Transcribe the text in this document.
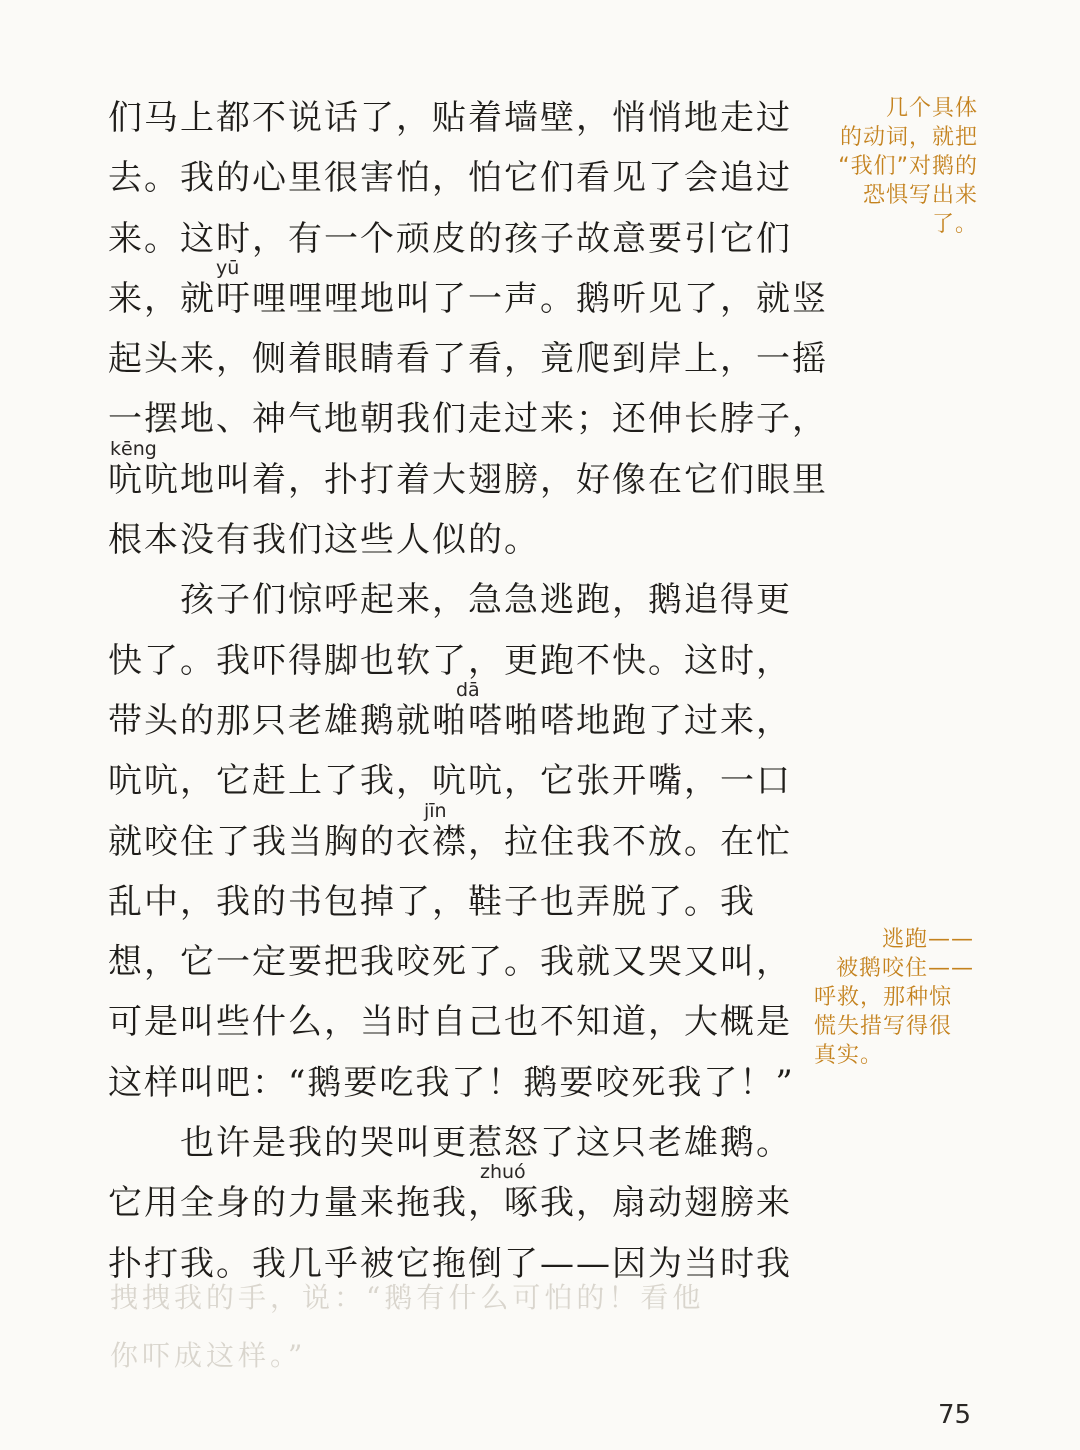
们马上都不说话了，贴着墙壁，悄悄地走过
去。我的心里很害怕，怕它们看见了会追过
来。这时，有一个顽皮的孩子故意要引它们
yū
来，就吁哩哩哩地叫了一声。鹅听见了，就竖
起头来，侧着眼睛看了看，竟爬到岸上，一摇
一摆地、神气地朝我们走过来；还伸长脖子，
kēng
吭吭地叫着，扑打着大翅膀，好像在它们眼里
根本没有我们这些人似的。
孩子们惊呼起来，急急逃跑，鹅追得更
快了。我吓得脚也软了，更跑不快。这时，
dā
带头的那只老雄鹅就啪嗒啪嗒地跑了过来，
吭吭，它赶上了我，吭吭，它张开嘴，一口
jīn
就咬住了我当胸的衣襟，拉住我不放。在忙
乱中，我的书包掉了，鞋子也弄脱了。我
想，它一定要把我咬死了。我就又哭又叫，
可是叫些什么，当时自己也不知道，大概是
这样叫吧：“鹅要吃我了！鹅要咬死我了！”
也许是我的哭叫更惹怒了这只老雄鹅。
zhuó
它用全身的力量来拖我，啄我，扇动翅膀来
扑打我。我几乎被它拖倒了——因为当时我
几个具体
的动词，就把
“我们”对鹅的
恐惧写出来了。
逃跑——
被鹅咬住——
呼救，那种惊
慌失措写得很
真实。
拽拽我的手，说：“鹅有什么可怕的！看他
你吓成这样。”
75
